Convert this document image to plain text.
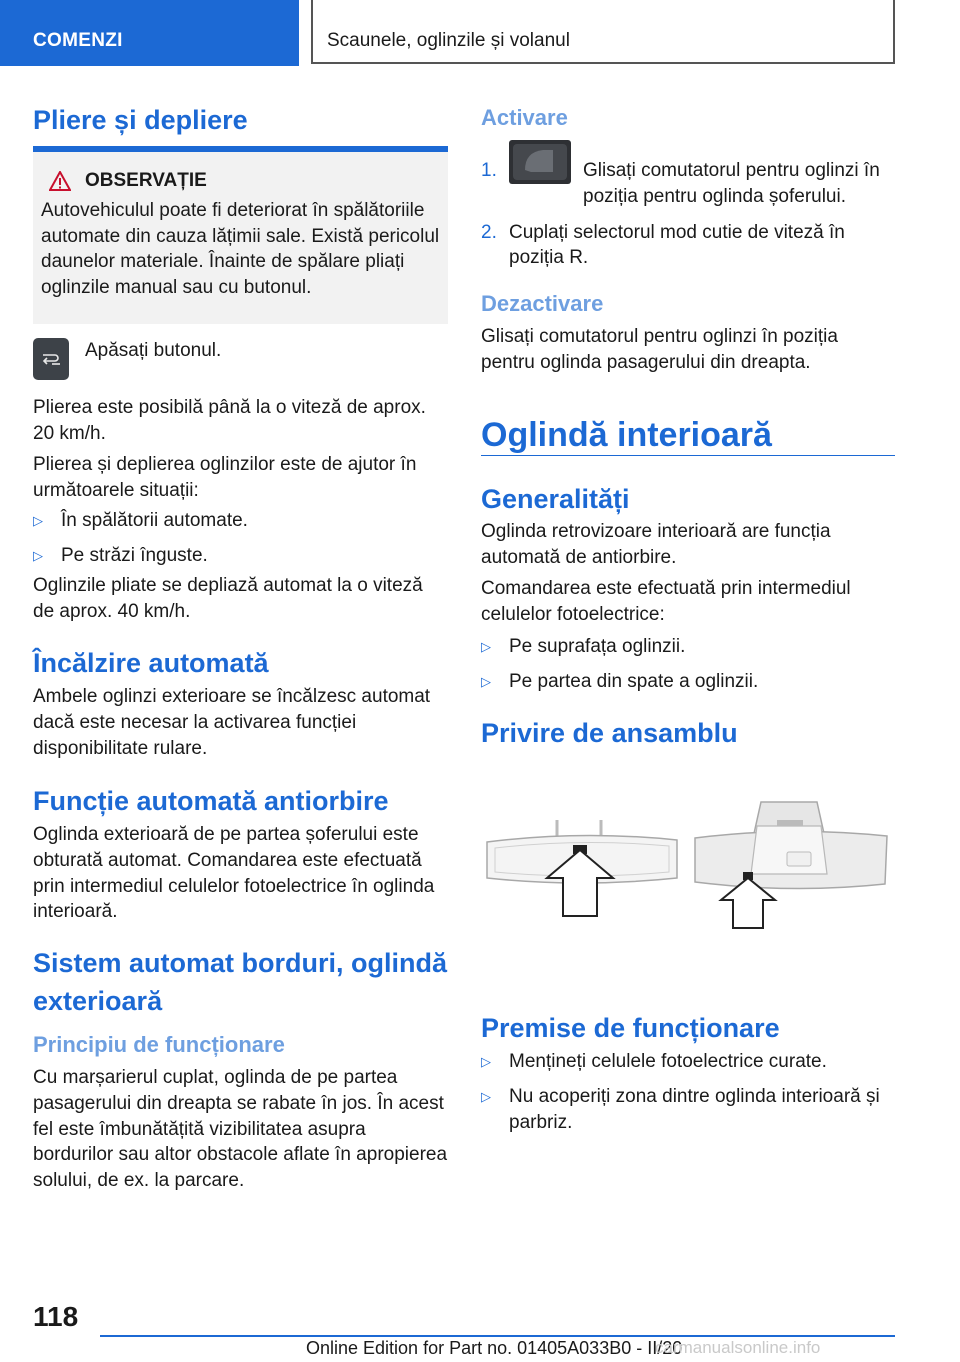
COMENZI	Scaunele, oglinzile și volanul
Pliere și depliere
OBSERVAȚIE

Autovehiculul poate fi deteriorat în spălătoriile automate din cauza lățimii sale. Există pericolul daunelor materiale. Înainte de spălare pliați oglinzile manual sau cu butonul.

Apăsați butonul.

Plierea este posibilă până la o viteză de aprox. 20 km/h.

Plierea și deplierea oglinzilor este de ajutor în următoarele situații:

▷ În spălătorii automate.
▷ Pe străzi înguste.

Oglinzile pliate se depliază automat la o viteză de aprox. 40 km/h.

Încălzire automată

Ambele oglinzi exterioare se încălzesc automat dacă este necesar la activarea funcției disponibilitate rulare.

Funcție automată antiorbire

Oglinda exterioară de pe partea șoferului este obturată automat. Comandarea este efectuată prin intermediul celulelor fotoelectrice în oglinda interioară.

Sistem automat borduri, oglindă exterioară
Principiu de funcționare

Cu marșarierul cuplat, oglinda de pe partea pasagerului din dreapta se rabate în jos. În acest fel este îmbunătățită vizibilitatea asupra bordurilor sau altor obstacole aflate în apropierea solului, de ex. la parcare.

Activare
1.	Glisați comutatorul pentru oglinzi în poziția pentru oglinda șoferului.
2. Cuplați selectorul mod cutie de viteză în poziția R.
Dezactivare

Glisați comutatorul pentru oglinzi în poziția pentru oglinda pasagerului din dreapta.

Oglindă interioară
Generalități

Oglinda retrovizoare interioară are funcția automată de antiorbire.

Comandarea este efectuată prin intermediul celulelor fotoelectrice:

▷ Pe suprafața oglinzii.
▷ Pe partea din spate a oglinzii.
Privire de ansamblu
Premise de funcționare
▷ Mențineți celulele fotoelectrice curate.
▷ Nu acoperiți zona dintre oglinda interioară și parbriz.
118
Online Edition for Part no. 01405A033B0 - II/20
carmanualsonline.info
